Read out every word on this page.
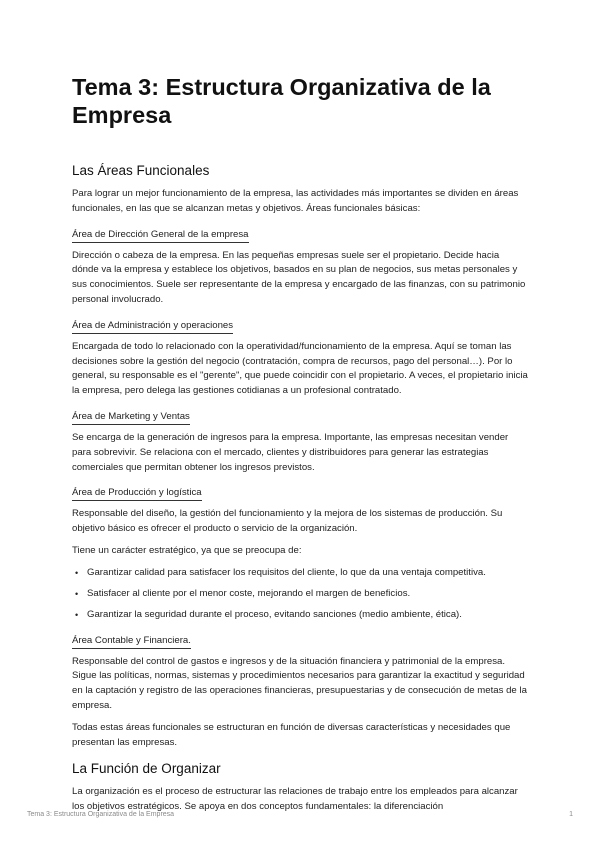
Tema 3: Estructura Organizativa de la Empresa
Las Áreas Funcionales

Para lograr un mejor funcionamiento de la empresa, las actividades más importantes se dividen en áreas funcionales, en las que se alcanzan metas y objetivos. Áreas funcionales básicas:

Área de Dirección General de la empresa

Dirección o cabeza de la empresa. En las pequeñas empresas suele ser el propietario. Decide hacia dónde va la empresa y establece los objetivos, basados en su plan de negocios, sus metas personales y sus conocimientos. Suele ser representante de la empresa y encargado de las finanzas, con su patrimonio personal involucrado.

Área de Administración y operaciones

Encargada de todo lo relacionado con la operatividad/funcionamiento de la empresa. Aquí se toman las decisiones sobre la gestión del negocio (contratación, compra de recursos, pago del personal…). Por lo general, su responsable es el "gerente", que puede coincidir con el propietario. A veces, el propietario inicia la empresa, pero delega las gestiones cotidianas a un profesional contratado.

Área de Marketing y Ventas

Se encarga de la generación de ingresos para la empresa. Importante, las empresas necesitan vender para sobrevivir. Se relaciona con el mercado, clientes y distribuidores para generar las estrategias comerciales que permitan obtener los ingresos previstos.

Área de Producción y logística

Responsable del diseño, la gestión del funcionamiento y la mejora de los sistemas de producción. Su objetivo básico es ofrecer el producto o servicio de la organización.

Tiene un carácter estratégico, ya que se preocupa de:

• Garantizar calidad para satisfacer los requisitos del cliente, lo que da una ventaja competitiva.
• Satisfacer al cliente por el menor coste, mejorando el margen de beneficios.
• Garantizar la seguridad durante el proceso, evitando sanciones (medio ambiente, ética).
Área Contable y Financiera.

Responsable del control de gastos e ingresos y de la situación financiera y patrimonial de la empresa. Sigue las políticas, normas, sistemas y procedimientos necesarios para garantizar la exactitud y seguridad en la captación y registro de las operaciones financieras, presupuestarias y de consecución de metas de la empresa.

Todas estas áreas funcionales se estructuran en función de diversas características y necesidades que presentan las empresas.

La Función de Organizar

La organización es el proceso de estructurar las relaciones de trabajo entre los empleados para alcanzar los objetivos estratégicos. Se apoya en dos conceptos fundamentales: la diferenciación

Tema 3: Estructura Organizativa de la Empresa	1
